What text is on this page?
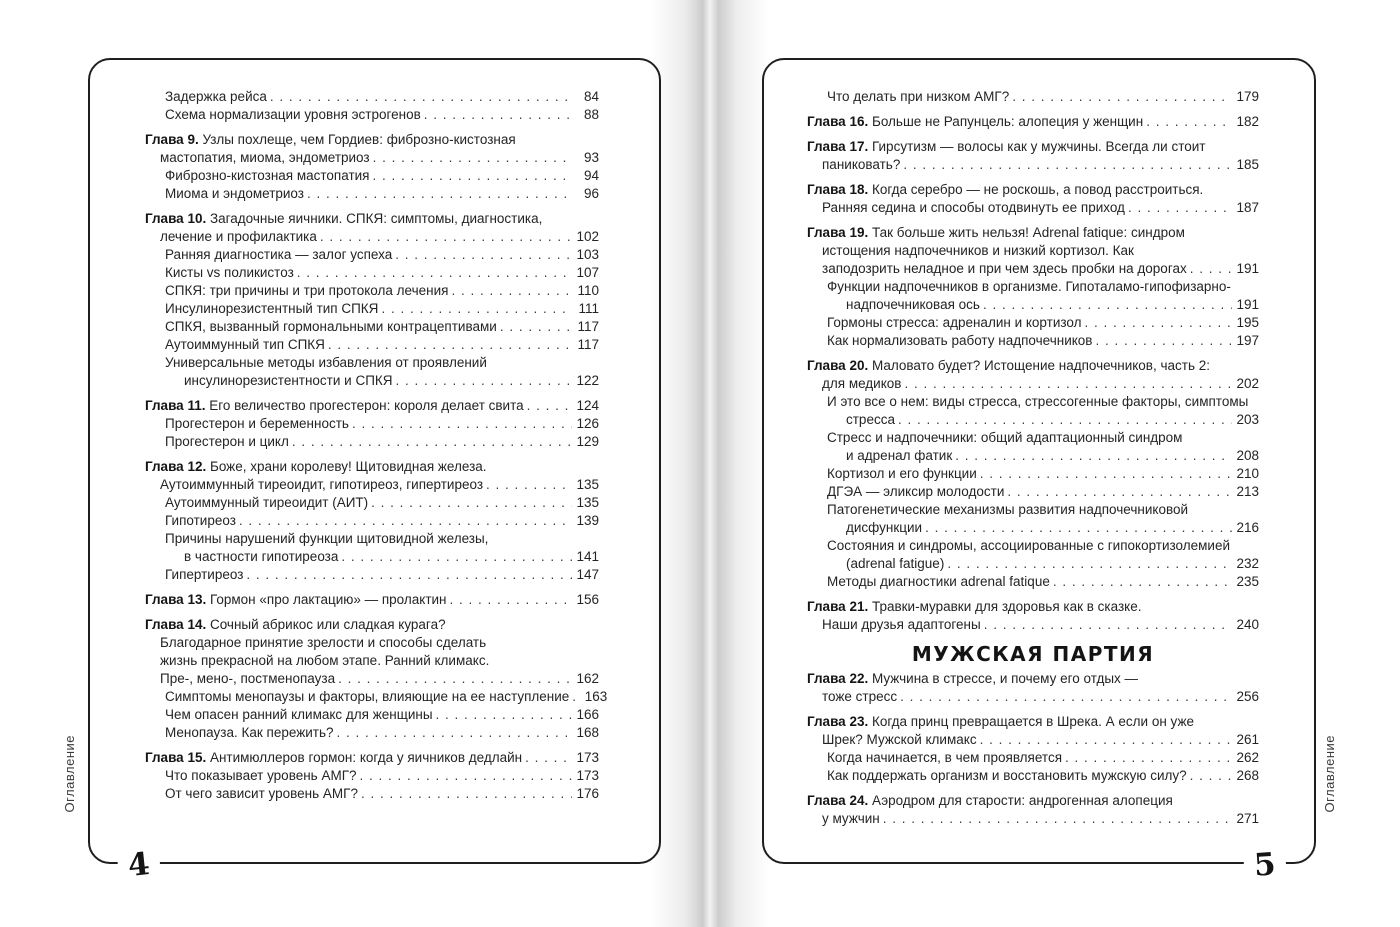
Задержка рейса . . .	84
Схема нормализации уровня эстрогенов . . .	88
Глава 9. Узлы похлеще, чем Гордиев: фиброзно-кистозная
мастопатия, миома, эндометриоз . . .	93
Фиброзно-кистозная мастопатия . . .	94
Миома и эндометриоз . . .	96
Глава 10. Загадочные яичники. СПКЯ: симптомы, диагностика,
лечение и профилактика . . .	102
Ранняя диагностика — залог успеха . . .	103
Кисты vs поликистоз . . .	107
СПКЯ: три причины и три протокола лечения . . .	110
Инсулинорезистентный тип СПКЯ . . .	111
СПКЯ, вызванный гормональными контрацептивами . . .	117
Аутоиммунный тип СПКЯ . . .	117
Универсальные методы избавления от проявлений
инсулинорезистентности и СПКЯ . . .	122
Глава 11. Его величество прогестерон: короля делает свита . . .	124
Прогестерон и беременность . . .	126
Прогестерон и цикл . . .	129
Глава 12. Боже, храни королеву! Щитовидная железа.
Аутоиммунный тиреоидит, гипотиреоз, гипертиреоз . . .	135
Аутоиммунный тиреоидит (АИТ) . . .	135
Гипотиреоз . . .	139
Причины нарушений функции щитовидной железы,
в частности гипотиреоза . . .	141
Гипертиреоз . . .	147
Глава 13. Гормон «про лактацию» — пролактин . . .	156
Глава 14. Сочный абрикос или сладкая курага?
Благодарное принятие зрелости и способы сделать
жизнь прекрасной на любом этапе. Ранний климакс.
Пре-, мено-, постменопауза . . .	162
Симптомы менопаузы и факторы, влияющие на ее наступление . . . 163
Чем опасен ранний климакс для женщины . . .	166
Менопауза. Как пережить? . . .	168
Глава 15. Антимюллеров гормон: когда у яичников дедлайн . . .	173
Что показывает уровень АМГ? . . .	173
От чего зависит уровень АМГ? . . .	176
4
Что делать при низком АМГ? . . .	179
Глава 16. Больше не Рапунцель: алопеция у женщин . . .	182
Глава 17. Гирсутизм — волосы как у мужчины. Всегда ли стоит
паниковать? . . .	185
Глава 18. Когда серебро — не роскошь, а повод расстроиться.
Ранняя седина и способы отодвинуть ее приход . . .	187
Глава 19. Так больше жить нельзя! Adrenal fatique: синдром
истощения надпочечников и низкий кортизол. Как
заподозрить неладное и при чем здесь пробки на дорогах . . .	191
Функции надпочечников в организме. Гипоталамо-гипофизарно-
надпочечниковая ось . . .	191
Гормоны стресса: адреналин и кортизол . . .	195
Как нормализовать работу надпочечников . . .	197
Глава 20. Маловато будет? Истощение надпочечников, часть 2:
для медиков . . .	202
И это все о нем: виды стресса, стрессогенные факторы, симптомы
стресса . . .	203
Стресс и надпочечники: общий адаптационный синдром
и адренал фатик . . .	208
Кортизол и его функции . . .	210
ДГЭА — эликсир молодости . . .	213
Патогенетические механизмы развития надпочечниковой
дисфункции . . .	216
Состояния и синдромы, ассоциированные с гипокортизолемией
(adrenal fatigue) . . .	232
Методы диагностики adrenal fatique . . .	235
Глава 21. Травки-муравки для здоровья как в сказке.
Наши друзья адаптогены . . .	240
МУЖСКАЯ ПАРТИЯ
Глава 22. Мужчина в стрессе, и почему его отдых —
тоже стресс . . .	256
Глава 23. Когда принц превращается в Шрека. А если он уже
Шрек? Мужской климакс . . .	261
Когда начинается, в чем проявляется . . .	262
Как поддержать организм и восстановить мужскую силу? . . .	268
Глава 24. Аэродром для старости: андрогенная алопеция
у мужчин . . .	271
5
Оглавление	Оглавление
